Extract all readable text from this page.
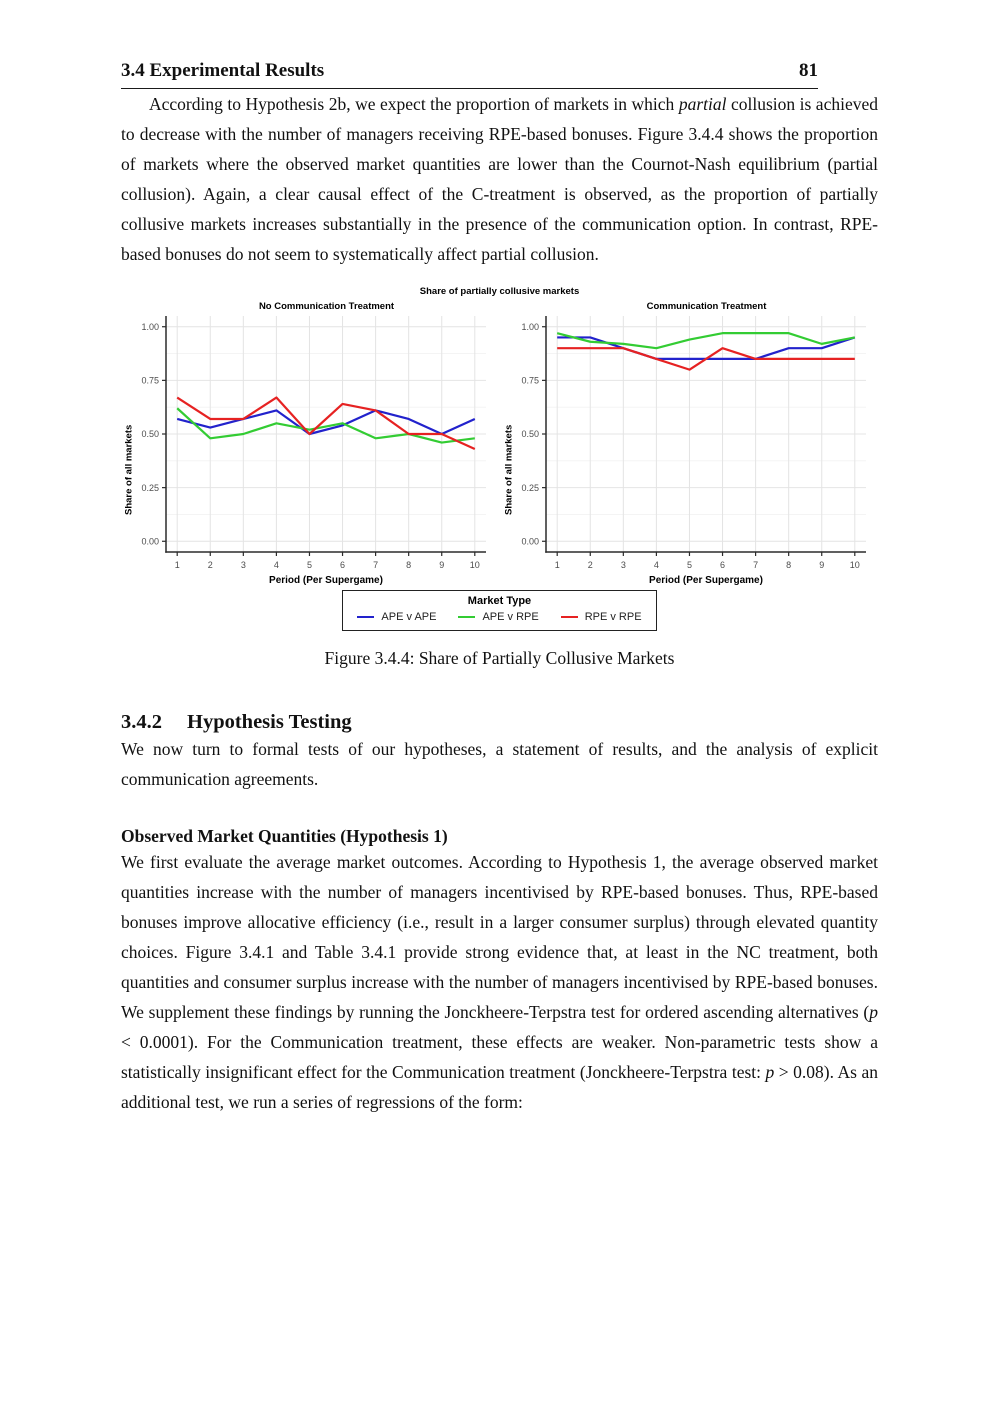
3.4 Experimental Results	81

According to Hypothesis 2b, we expect the proportion of markets in which partial collusion is achieved to decrease with the number of managers receiving RPE-based bonuses. Figure 3.4.4 shows the proportion of markets where the observed market quantities are lower than the Cournot-Nash equilibrium (partial collusion). Again, a clear causal effect of the C-treatment is observed, as the proportion of partially collusive markets increases substantially in the presence of the communication option. In contrast, RPE-based bonuses do not seem to systematically affect partial collusion.

Share of partially collusive markets
No Communication Treatment
Share of all markets
0.00
0.25
0.50
0.75
1.00
1	2	3	4	5	6	7	8	9	10
Period (Per Supergame)
Communication Treatment
Share of all markets
0.00
0.25
0.50
0.75
1.00
1	2	3	4	5	6	7	8	9	10
Period (Per Supergame)
Market Type
APE v APE	APE v RPE	RPE v RPE
Figure 3.4.4: Share of Partially Collusive Markets
3.4.2 Hypothesis Testing

We now turn to formal tests of our hypotheses, a statement of results, and the analysis of explicit communication agreements.

Observed Market Quantities (Hypothesis 1)

We first evaluate the average market outcomes. According to Hypothesis 1, the average observed market quantities increase with the number of managers incentivised by RPE-based bonuses. Thus, RPE-based bonuses improve allocative efficiency (i.e., result in a larger consumer surplus) through elevated quantity choices. Figure 3.4.1 and Table 3.4.1 provide strong evidence that, at least in the NC treatment, both quantities and consumer surplus increase with the number of managers incentivised by RPE-based bonuses. We supplement these findings by running the Jonckheere-Terpstra test for ordered ascending alternatives (p < 0.0001). For the Communication treatment, these effects are weaker. Non-parametric tests show a statistically insignificant effect for the Communication treatment (Jonckheere-Terpstra test: p > 0.08). As an additional test, we run a series of regressions of the form:
